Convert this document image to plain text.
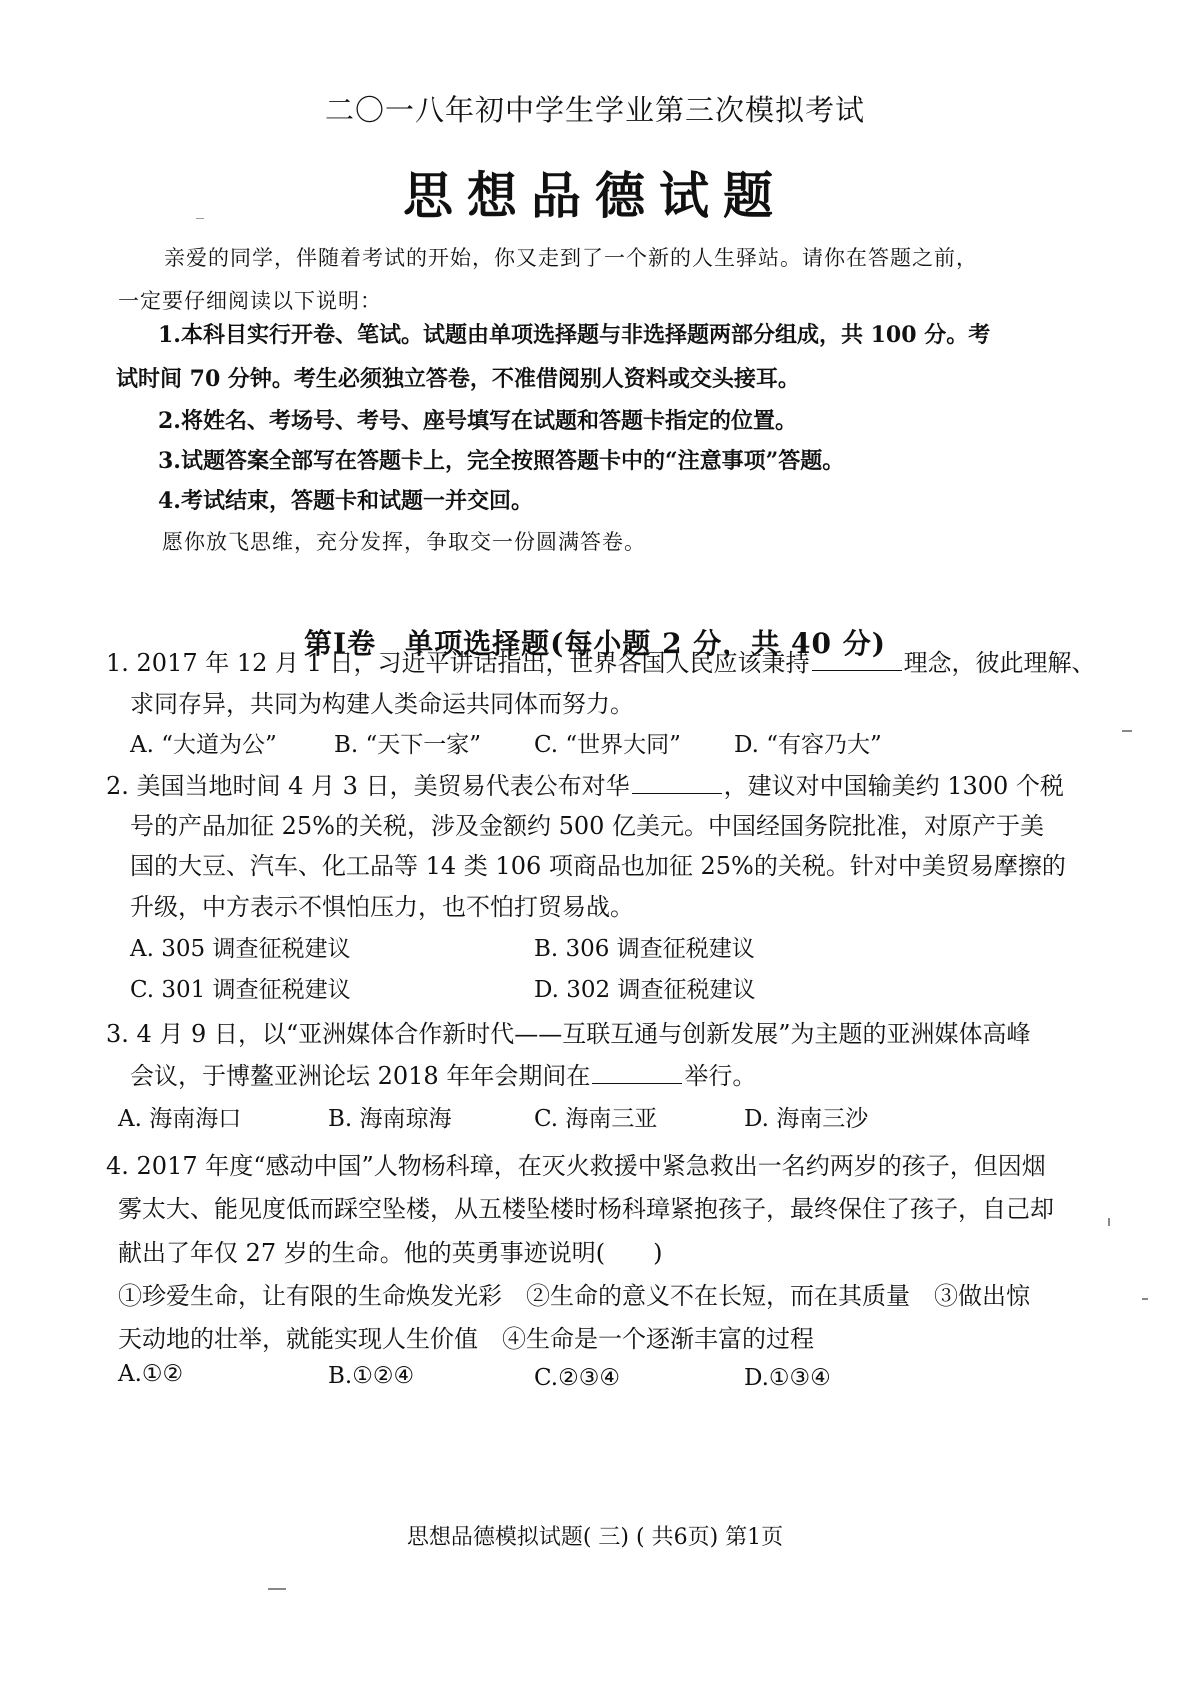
二〇一八年初中学生学业第三次模拟考试
思想品德试题
亲爱的同学，伴随着考试的开始，你又走到了一个新的人生驿站。请你在答题之前，
一定要仔细阅读以下说明：
1.本科目实行开卷、笔试。试题由单项选择题与非选择题两部分组成，共 100 分。考
试时间 70 分钟。考生必须独立答卷，不准借阅别人资料或交头接耳。
2.将姓名、考场号、考号、座号填写在试题和答题卡指定的位置。
3.试题答案全部写在答题卡上，完全按照答题卡中的“注意事项”答题。
4.考试结束，答题卡和试题一并交回。
愿你放飞思维，充分发挥，争取交一份圆满答卷。
第Ⅰ卷　单项选择题(每小题 2 分，共 40 分)
1. 2017 年 12 月 1 日，习近平讲话指出，世界各国人民应该秉持	理念，彼此理解、
求同存异，共同为构建人类命运共同体而努力。
A. “大道为公” B. “天下一家” C. “世界大同” D. “有容乃大”
2. 美国当地时间 4 月 3 日，美贸易代表公布对华	，建议对中国输美约 1300 个税
号的产品加征 25%的关税，涉及金额约 500 亿美元。中国经国务院批准，对原产于美
国的大豆、汽车、化工品等 14 类 106 项商品也加征 25%的关税。针对中美贸易摩擦的
升级，中方表示不惧怕压力，也不怕打贸易战。
A. 305 调查征税建议	B. 306 调查征税建议
C. 301 调查征税建议	D. 302 调查征税建议
3. 4 月 9 日，以“亚洲媒体合作新时代——互联互通与创新发展”为主题的亚洲媒体高峰
会议，于博鳌亚洲论坛 2018 年年会期间在	举行。
A. 海南海口	B. 海南琼海	C. 海南三亚	D. 海南三沙
4. 2017 年度“感动中国”人物杨科璋，在灭火救援中紧急救出一名约两岁的孩子，但因烟
雾太大、能见度低而踩空坠楼，从五楼坠楼时杨科璋紧抱孩子，最终保住了孩子，自己却
献出了年仅 27 岁的生命。他的英勇事迹说明(　　)
①珍爱生命，让有限的生命焕发光彩　②生命的意义不在长短，而在其质量　③做出惊
天动地的壮举，就能实现人生价值　④生命是一个逐渐丰富的过程
A.①②	B.①②④	C.②③④	D.①③④
思想品德模拟试题( 三) ( 共6页) 第1页
